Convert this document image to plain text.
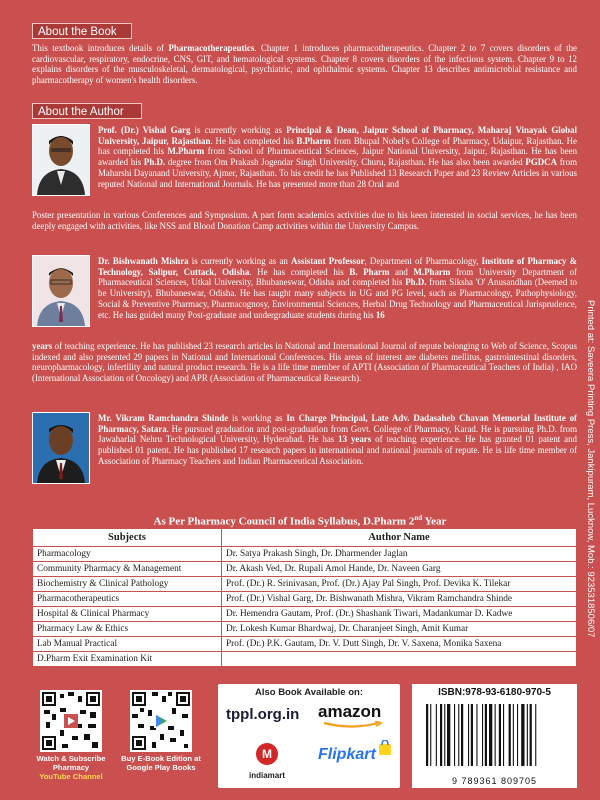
About the Book

This textbook introduces details of Pharmacotherapeutics. Chapter 1 introduces pharmacotherapeutics. Chapter 2 to 7 covers disorders of the cardiovascular, respiratory, endocrine, CNS, GIT, and hematological systems. Chapter 8 covers disorders of the infectious system. Chapter 9 to 12 explains disorders of the musculoskeletal, dermatological, psychiatric, and ophthalmic systems. Chapter 13 describes antimicrobial resistance and pharmacotherapy of women's health disorders.

About the Author

Prof. (Dr.) Vishal Garg is currently working as Principal & Dean, Jaipur School of Pharmacy, Maharaj Vinayak Global University, Jaipur, Rajasthan. He has completed his B.Pharm from Bhupal Nobel's College of Pharmacy, Udaipur, Rajasthan. He has completed his M.Pharm from School of Pharmaceutical Sciences, Jaipur National University, Jaipur, Rajasthan. He has been awarded his Ph.D. degree from Om Prakash Jogendar Singh University, Churu, Rajasthan. He has also been awarded PGDCA from Maharshi Dayanand University, Ajmer, Rajasthan. To his credit he has Published 13 Research Paper and 23 Review Articles in various reputed National and International Journals. He has presented more than 28 Oral and

Poster presentation in various Conferences and Symposium. A part form academics activities due to his keen interested in social services, he has been deeply engaged with activities, like NSS and Blood Donation Camp activities within the University Campus.

Dr. Bishwanath Mishra is currently working as an Assistant Professor, Department of Pharmacology, Institute of Pharmacy & Technology, Salipur, Cuttack, Odisha. He has completed his B. Pharm and M.Pharm from University Department of Pharmaceutical Sciences, Utkal University, Bhubaneswar, Odisha and completed his Ph.D. from Siksha 'O' Anusandhan (Deemed to be University), Bhubaneswar, Odisha. He has taught many subjects in UG and PG level, such as Pharmacology, Pathophysiology, Social & Preventive Pharmacy, Pharmacognosy, Environmental Sciences, Herbal Drug Technology and Pharmaceutical Jurisprudence, etc. He has guided many Post-graduate and undergraduate students during his 16

years of teaching experience. He has published 23 research articles in National and International Journal of repute belonging to Web of Science, Scopus indexed and also presented 29 papers in National and International Conferences. His areas of interest are diabetes mellitus, gastrointestinal disorders, neuropharmacology, infertility and natural product research. He is a life time member of APTI (Association of Pharmaceutical Teachers of India) , IAO (International Association of Oncology) and APR (Association of Pharmaceutical Research).

Mr. Vikram Ramchandra Shinde is working as In Charge Principal, Late Adv. Dadasaheb Chavan Memorial Institute of Pharmacy, Satara. He pursued graduation and post-graduation from Govt. College of Pharmacy, Karad. He is pursuing Ph.D. from Jawaharlal Nehru Technological University, Hyderabad. He has 13 years of teaching experience. He has granted 01 patent and published 01 patent. He has published 17 research papers in international and national journals of repute. He is life time member of Association of Pharmacy Teachers and Indian Pharmaceutical Association.	Printed at: Saveera Printing Press, Jankipuram, Lucknow, Mob.: 9235318506/07
As Per Pharmacy Council of India Syllabus, D.Pharm 2nd Year
Subjects	Author Name
Pharmacology	Dr. Satya Prakash Singh, Dr. Dharmender Jaglan
Community Pharmacy & Management	Dr. Akash Ved, Dr. Rupali Amol Hande, Dr. Naveen Garg
Biochemistry & Clinical Pathology	Prof. (Dr.) R. Srinivasan, Prof. (Dr.) Ajay Pal Singh, Prof. Devika K. Tilekar
Pharmacotherapeutics	Prof. (Dr.) Vishal Garg, Dr. Bishwanath Mishra, Vikram Ramchandra Shinde
Hospital & Clinical Pharmacy	Dr. Hemendra Gautam, Prof. (Dr.) Shashank Tiwari, Madankumar D. Kadwe
Pharmacy Law & Ethics	Dr. Lokesh Kumar Bhardwaj, Dr. Charanjeet Singh, Amit Kumar
Lab Manual Practical	Prof. (Dr.) P.K. Gautam, Dr. V. Dutt Singh, Dr. V. Saxena, Monika Saxena
D.Pharm Exit Examination Kit	
Watch & Subscribe
Pharmacy
YouTube Channel
Buy E-Book Edition at
Google Play Books
Also Book Available on:
tppl.org.in amazon
M
indiamart
Flipkart
ISBN:978-93-6180-970-5
9 789361 809705
